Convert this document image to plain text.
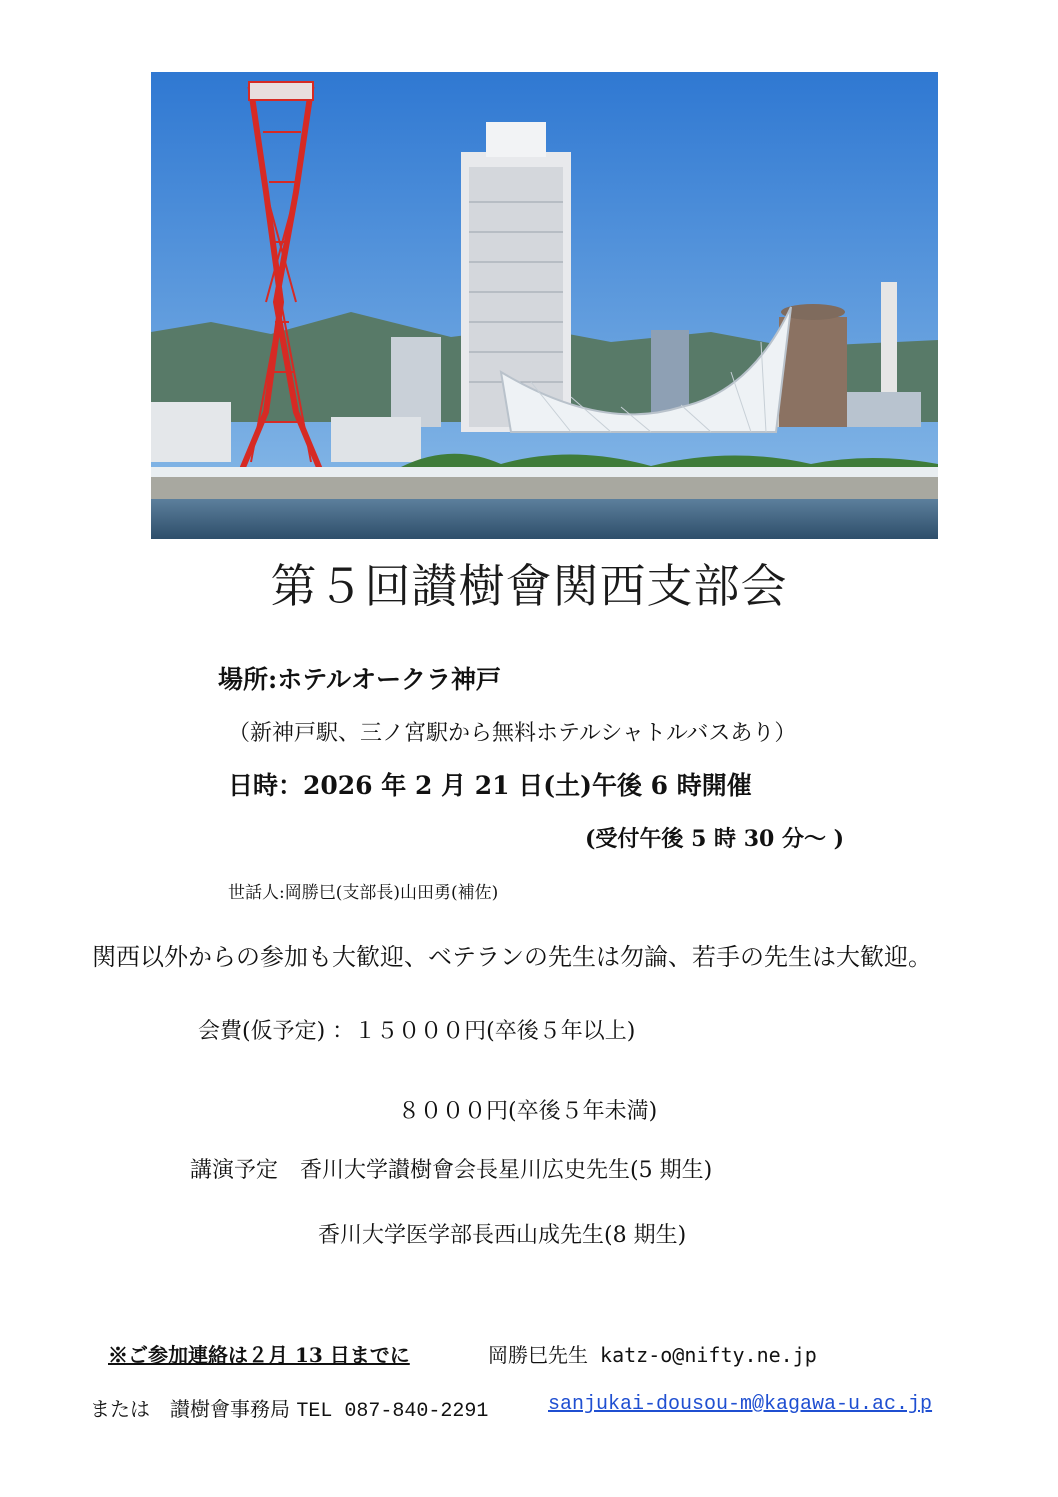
第５回讃樹會関西支部会
場所:ホテルオークラ神戸
（新神戸駅、三ノ宮駅から無料ホテルシャトルバスあり）
日時：2026 年 2 月 21 日(土)午後 6 時開催
(受付午後 5 時 30 分～ )
世話人:岡勝巳(支部長)山田勇(補佐)
関西以外からの参加も大歓迎、ベテランの先生は勿論、若手の先生は大歓迎。
会費(仮予定) ：１５０００円(卒後５年以上)
８０００円(卒後５年未満)
講演予定　香川大学讃樹會会長星川広史先生(5 期生)
香川大学医学部長西山成先生(8 期生)
※ご参加連絡は２月 13 日までに	岡勝巳先生 katz-o@nifty.ne.jp
または　讃樹會事務局 TEL 087-840-2291	sanjukai-dousou-m@kagawa-u.ac.jp
